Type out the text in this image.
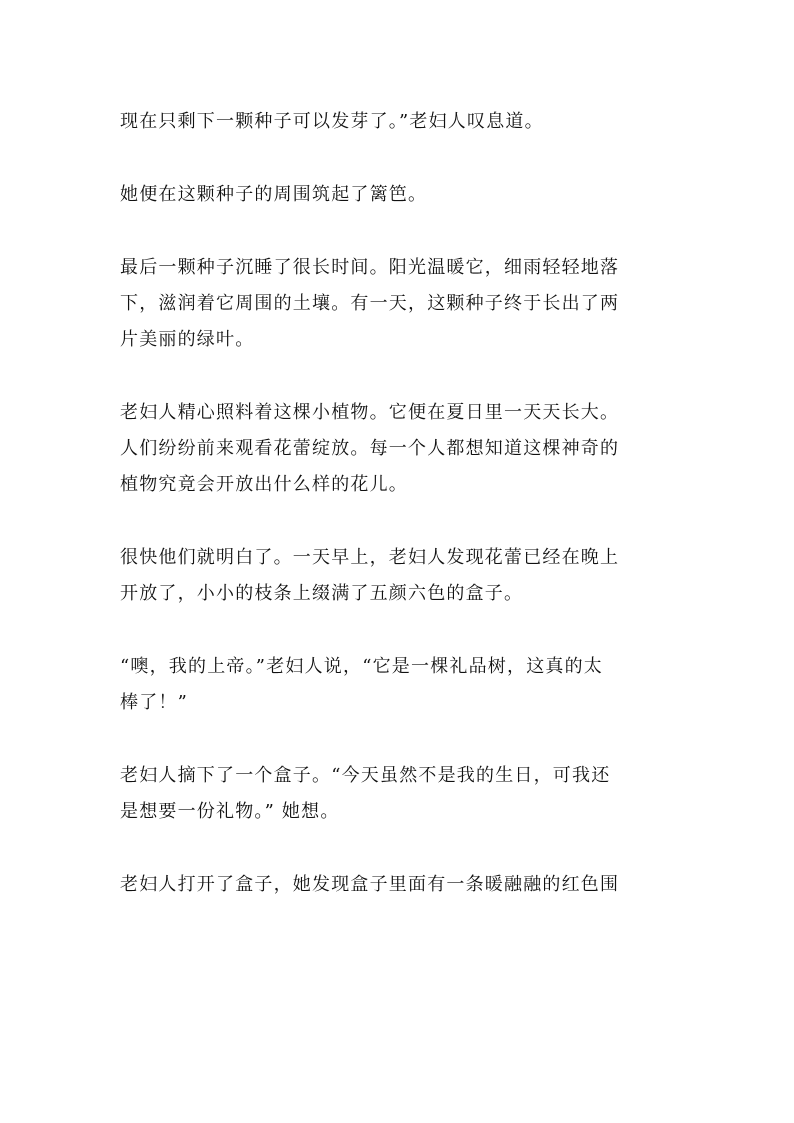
现在只剩下一颗种子可以发芽了。”老妇人叹息道。

她便在这颗种子的周围筑起了篱笆。

最后一颗种子沉睡了很长时间。阳光温暖它，细雨轻轻地落
下，滋润着它周围的土壤。有一天，这颗种子终于长出了两
片美丽的绿叶。

老妇人精心照料着这棵小植物。它便在夏日里一天天长大。
人们纷纷前来观看花蕾绽放。每一个人都想知道这棵神奇的
植物究竟会开放出什么样的花儿。

很快他们就明白了。一天早上，老妇人发现花蕾已经在晚上
开放了，小小的枝条上缀满了五颜六色的盒子。

“噢，我的上帝。”老妇人说，“它是一棵礼品树，这真的太
棒了！”

老妇人摘下了一个盒子。“今天虽然不是我的生日，可我还
是想要一份礼物。” 她想。

老妇人打开了盒子，她发现盒子里面有一条暖融融的红色围
